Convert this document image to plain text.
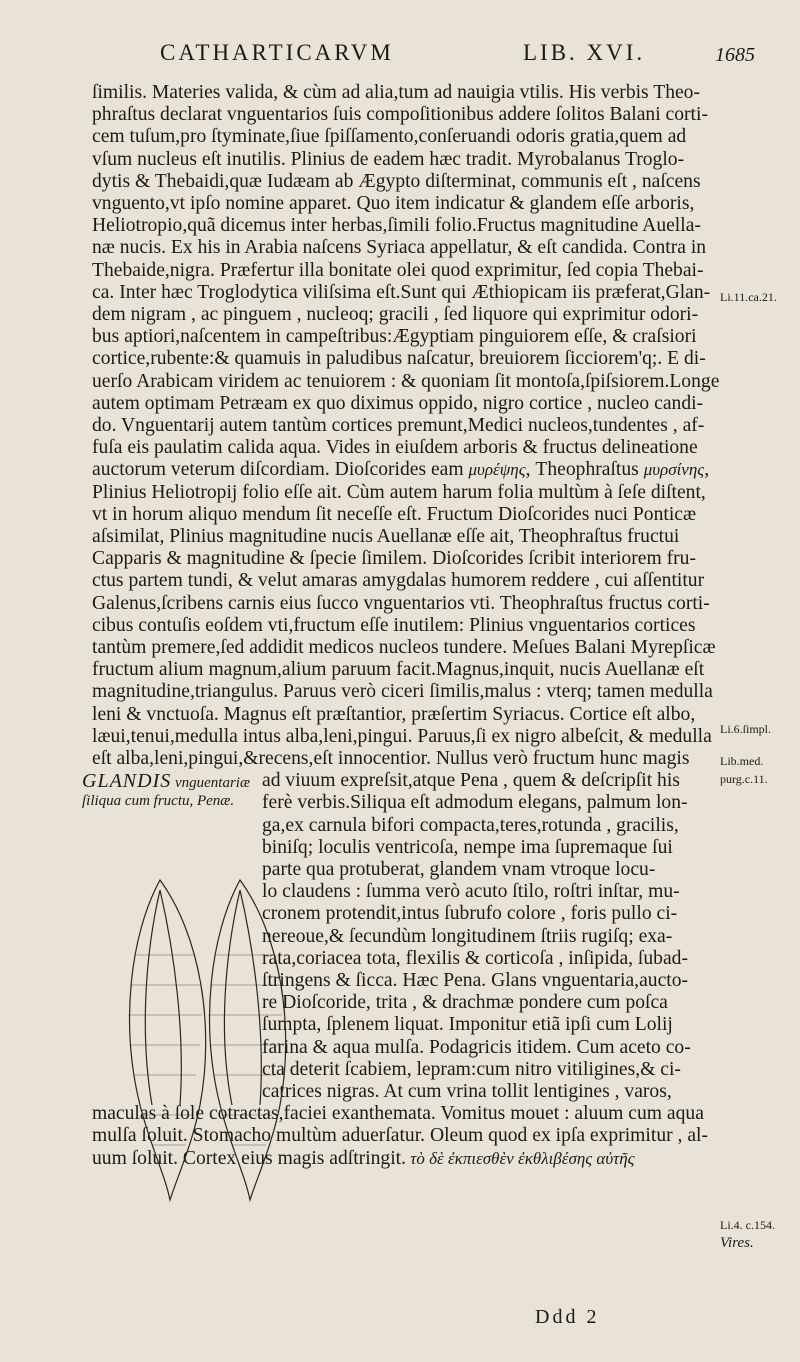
CATHARTICARVM	LIB. XVI.	1685
ſimilis. Materies valida, & cùm ad alia,tum ad nauigia vtilis. His verbis Theo-
phraſtus declarat vnguentarios ſuis compoſitionibus addere ſolitos Balani corti-
cem tuſum,pro ſtyminate,ſiue ſpiſſamento,conſeruandi odoris gratia,quem ad
vſum nucleus eſt inutilis. Plinius de eadem hæc tradit. Myrobalanus Troglo-
dytis & Thebaidi,quæ Iudæam ab Ægypto diſterminat, communis eſt , naſcens
vnguento,vt ipſo nomine apparet. Quo item indicatur & glandem eſſe arboris,
Heliotropio,quã dicemus inter herbas,ſimili folio.Fructus magnitudine Auella-
næ nucis. Ex his in Arabia naſcens Syriaca appellatur, & eſt candida. Contra in
Thebaide,nigra. Præfertur illa bonitate olei quod exprimitur, ſed copia Thebai-
ca. Inter hæc Troglodytica viliſsima eſt.Sunt qui Æthiopicam iis præferat,Glan-
dem nigram , ac pinguem , nucleoq; gracili , ſed liquore qui exprimitur odori-
bus aptiori,naſcentem in campeſtribus:Ægyptiam pinguiorem eſſe, & craſsiori
cortice,rubente:& quamuis in paludibus naſcatur, breuiorem ſicciorem'q;. E di-
uerſo Arabicam viridem ac tenuiorem : & quoniam ſit montoſa,ſpiſsiorem.Longe
autem optimam Petræam ex quo diximus oppido, nigro cortice , nucleo candi-
do. Vnguentarij autem tantùm cortices premunt,Medici nucleos,tundentes , af-
fuſa eis paulatim calida aqua. Vides in eiuſdem arboris & fructus delineatione
auctorum veterum diſcordiam. Dioſcorides eam μυρέψης, Theophraſtus μυρσίνης,
Plinius Heliotropij folio eſſe ait. Cùm autem harum folia multùm à ſeſe diſtent,
vt in horum aliquo mendum ſit neceſſe eſt. Fructum Dioſcorides nuci Ponticæ
aſsimilat, Plinius magnitudine nucis Auellanæ eſſe ait, Theophraſtus fructui
Capparis & magnitudine & ſpecie ſimilem. Dioſcorides ſcribit interiorem fru-
ctus partem tundi, & velut amaras amygdalas humorem reddere , cui aſſentitur
Galenus,ſcribens carnis eius ſucco vnguentarios vti. Theophraſtus fructus corti-
cibus contuſis eoſdem vti,fructum eſſe inutilem: Plinius vnguentarios cortices
tantùm premere,ſed addidit medicos nucleos tundere. Meſues Balani Myrepſicæ
fructum alium magnum,alium paruum facit.Magnus,inquit, nucis Auellanæ eſt
magnitudine,triangulus. Paruus verò ciceri ſimilis,malus : vterq; tamen medulla
leni & vnctuoſa. Magnus eſt præſtantior, præſertim Syriacus. Cortice eſt albo,
læui,tenui,medulla intus alba,leni,pingui. Paruus,ſi ex nigro albeſcit, & medulla
eſt alba,leni,pingui,&recens,eſt innocentior. Nullus verò fructum hunc magis
ad viuum expreſsit,atque Pena , quem & deſcripſit his
ferè verbis.Siliqua eſt admodum elegans, palmum lon-
ga,ex carnula bifori compacta,teres,rotunda , gracilis,
biniſq; loculis ventricoſa, nempe ima ſupremaque ſui
parte qua protuberat, glandem vnam vtroque locu-
lo claudens : ſumma verò acuto ſtilo, roſtri inſtar, mu-
cronem protendit,intus ſubrufo colore , foris pullo ci-
nereoue,& ſecundùm longitudinem ſtriis rugiſq; exa-
rata,coriacea tota, flexilis & corticoſa , inſipida, ſubad-
ſtringens & ſicca. Hæc Pena. Glans vnguentaria,aucto-
re Dioſcoride, trita , & drachmæ pondere cum poſca
ſumpta, ſplenem liquat. Imponitur etiã ipſi cum Lolij
farina & aqua mulſa. Podagricis itidem. Cum aceto co-
cta deterit ſcabiem, lepram:cum nitro vitiligines,& ci-
catrices nigras. At cum vrina tollit lentigines , varos,
maculas à ſole cotractas,faciei exanthemata. Vomitus mouet : aluum cum aqua
mulſa ſoluit. Stomacho multùm aduerſatur. Oleum quod ex ipſa exprimitur , al-
uum ſoluit. Cortex eius magis adſtringit. τὸ δὲ ἐκπιεσθὲν ἐκθλιβέσης αὐτῆς
GLANDIS vnguentariæ ſiliqua cum fructu, Penæ.
Li.11.ca.21.
Li.6.ſimpl.
Lib.med.
purg.c.11.
Li.4. c.154.
Vires.
Ddd 2
